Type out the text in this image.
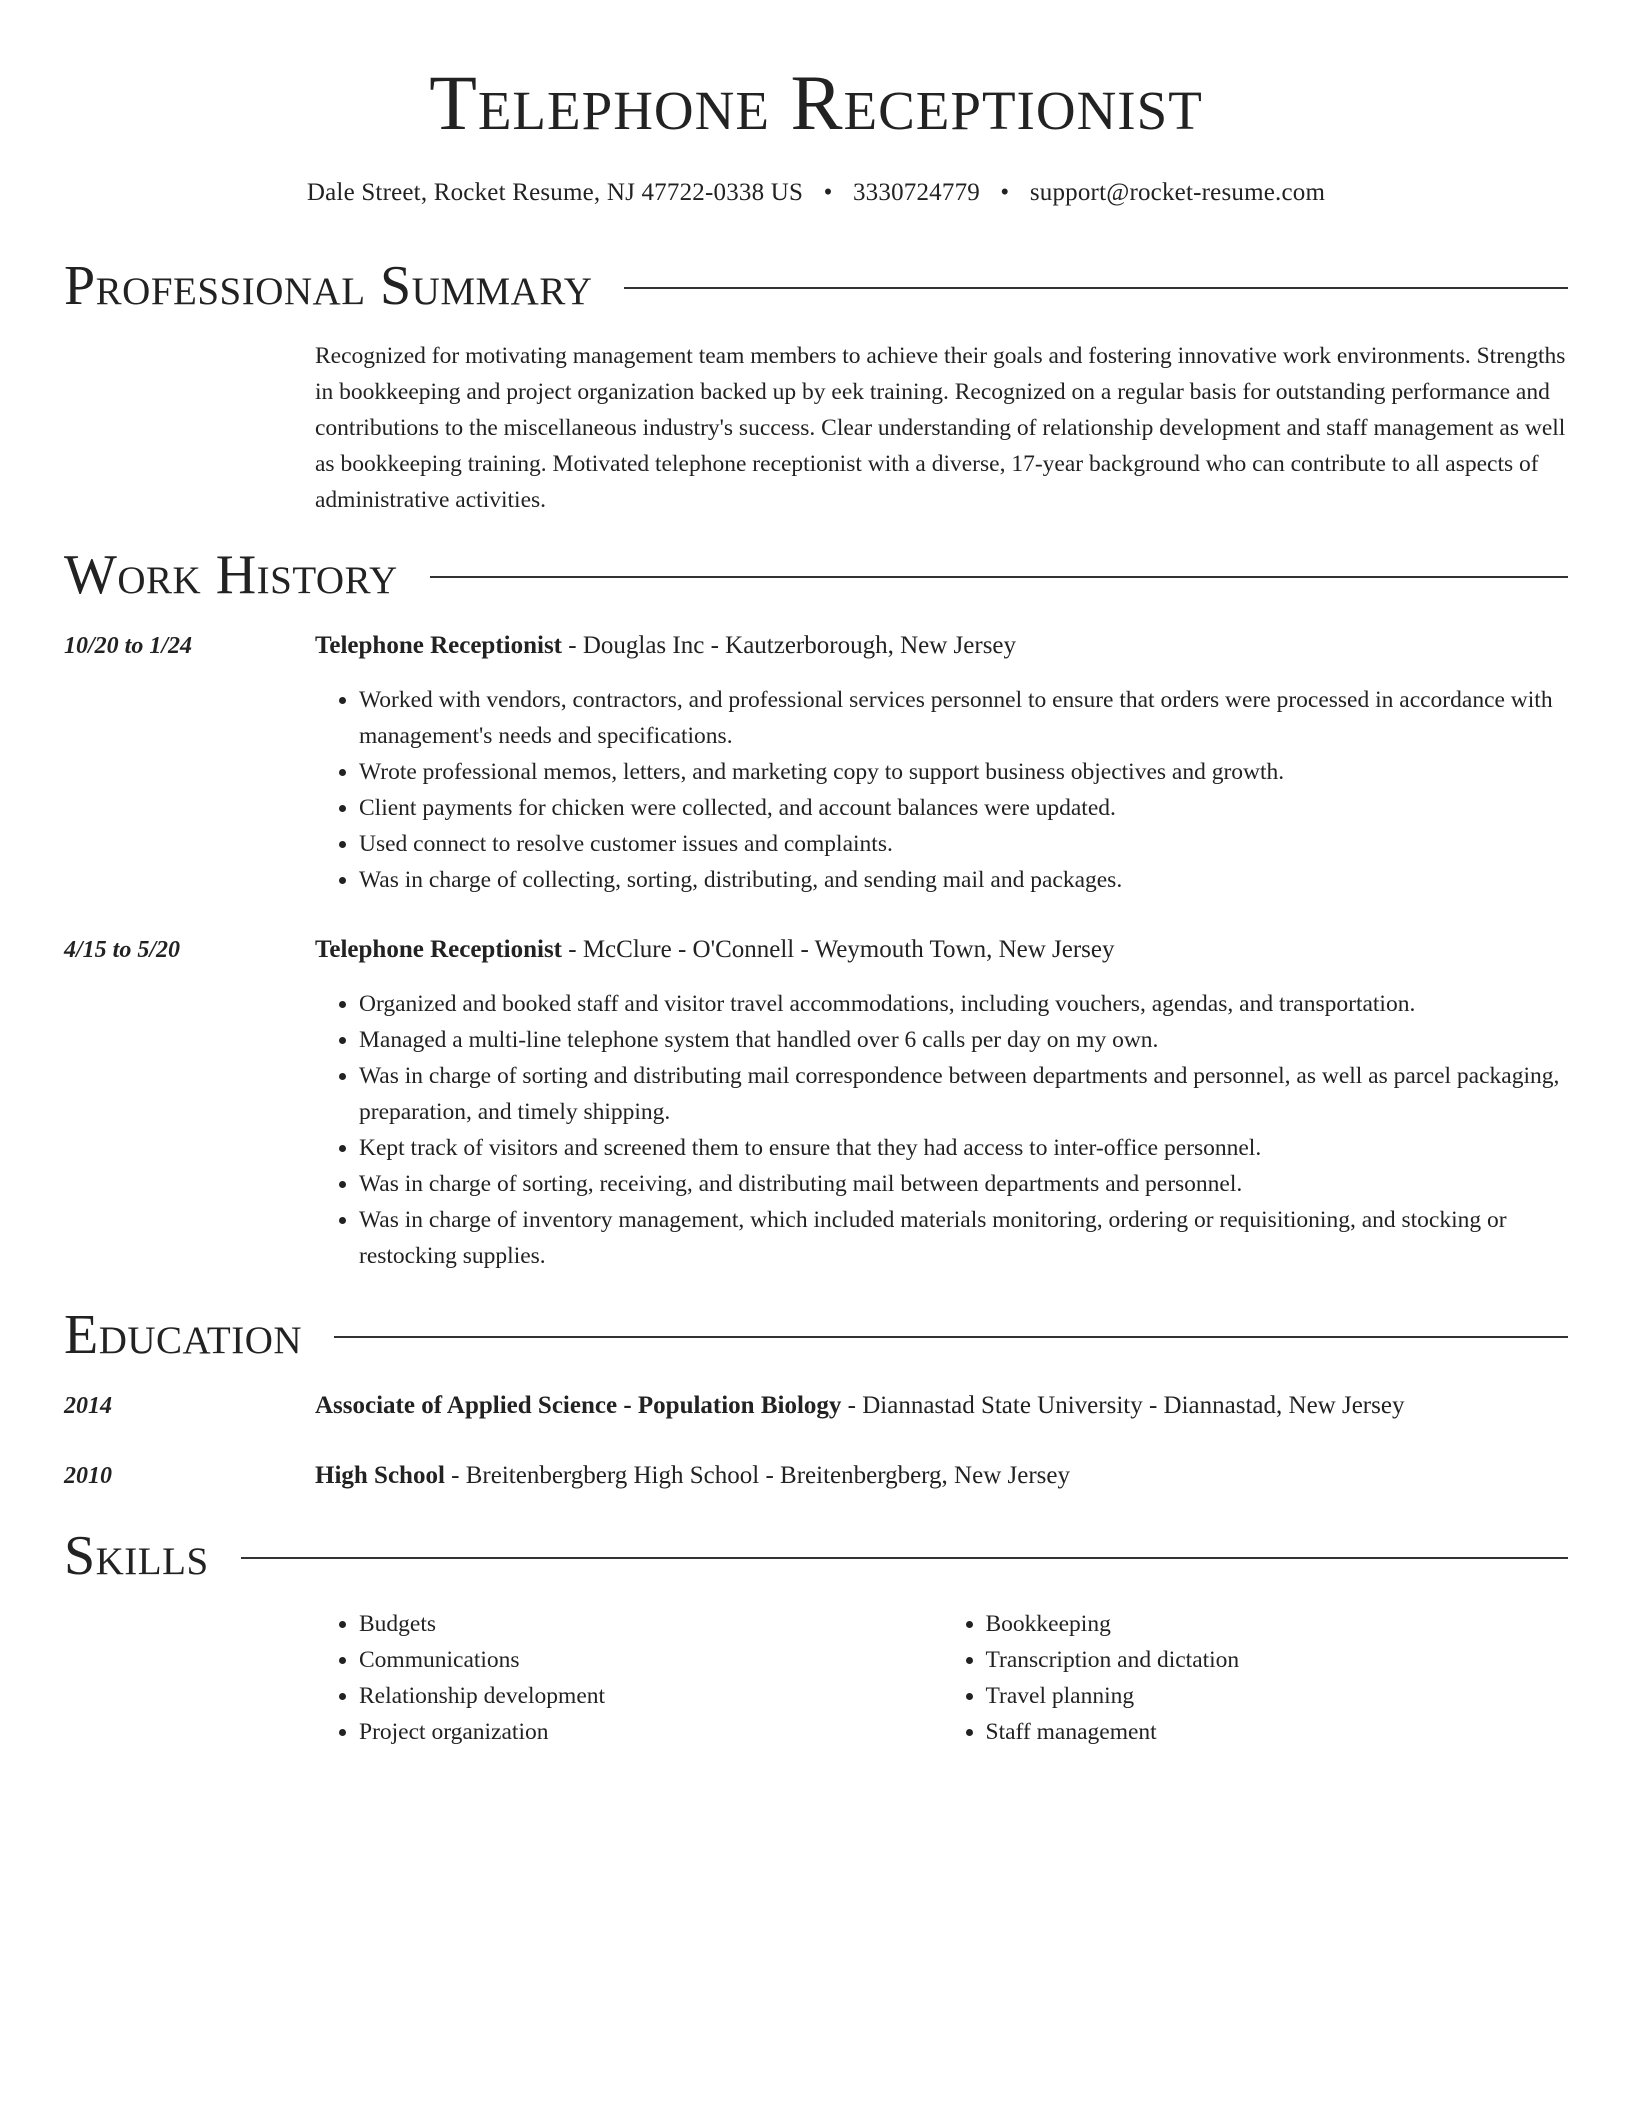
Telephone Receptionist
Dale Street, Rocket Resume, NJ 47722-0338 US • 3330724779 • support@rocket-resume.com
Professional Summary

Recognized for motivating management team members to achieve their goals and fostering innovative work environments. Strengths in bookkeeping and project organization backed up by eek training. Recognized on a regular basis for outstanding performance and contributions to the miscellaneous industry's success. Clear understanding of relationship development and staff management as well as bookkeeping training. Motivated telephone receptionist with a diverse, 17-year background who can contribute to all aspects of administrative activities.

Work History
10/20 to 1/24	Telephone Receptionist - Douglas Inc - Kautzerborough, New Jersey

• Worked with vendors, contractors, and professional services personnel to ensure that orders were processed in accordance with management's needs and specifications.
• Wrote professional memos, letters, and marketing copy to support business objectives and growth.
• Client payments for chicken were collected, and account balances were updated.
• Used connect to resolve customer issues and complaints.
• Was in charge of collecting, sorting, distributing, and sending mail and packages.
4/15 to 5/20	Telephone Receptionist - McClure - O'Connell - Weymouth Town, New Jersey

• Organized and booked staff and visitor travel accommodations, including vouchers, agendas, and transportation.
• Managed a multi-line telephone system that handled over 6 calls per day on my own.
• Was in charge of sorting and distributing mail correspondence between departments and personnel, as well as parcel packaging, preparation, and timely shipping.
• Kept track of visitors and screened them to ensure that they had access to inter-office personnel.
• Was in charge of sorting, receiving, and distributing mail between departments and personnel.
• Was in charge of inventory management, which included materials monitoring, ordering or requisitioning, and stocking or restocking supplies.
Education
2014	Associate of Applied Science - Population Biology - Diannastad State University - Diannastad, New Jersey

2010	High School - Breitenbergberg High School - Breitenbergberg, New Jersey

Skills
• Budgets
• Communications
• Relationship development
• Project organization
• Bookkeeping
• Transcription and dictation
• Travel planning
• Staff management
